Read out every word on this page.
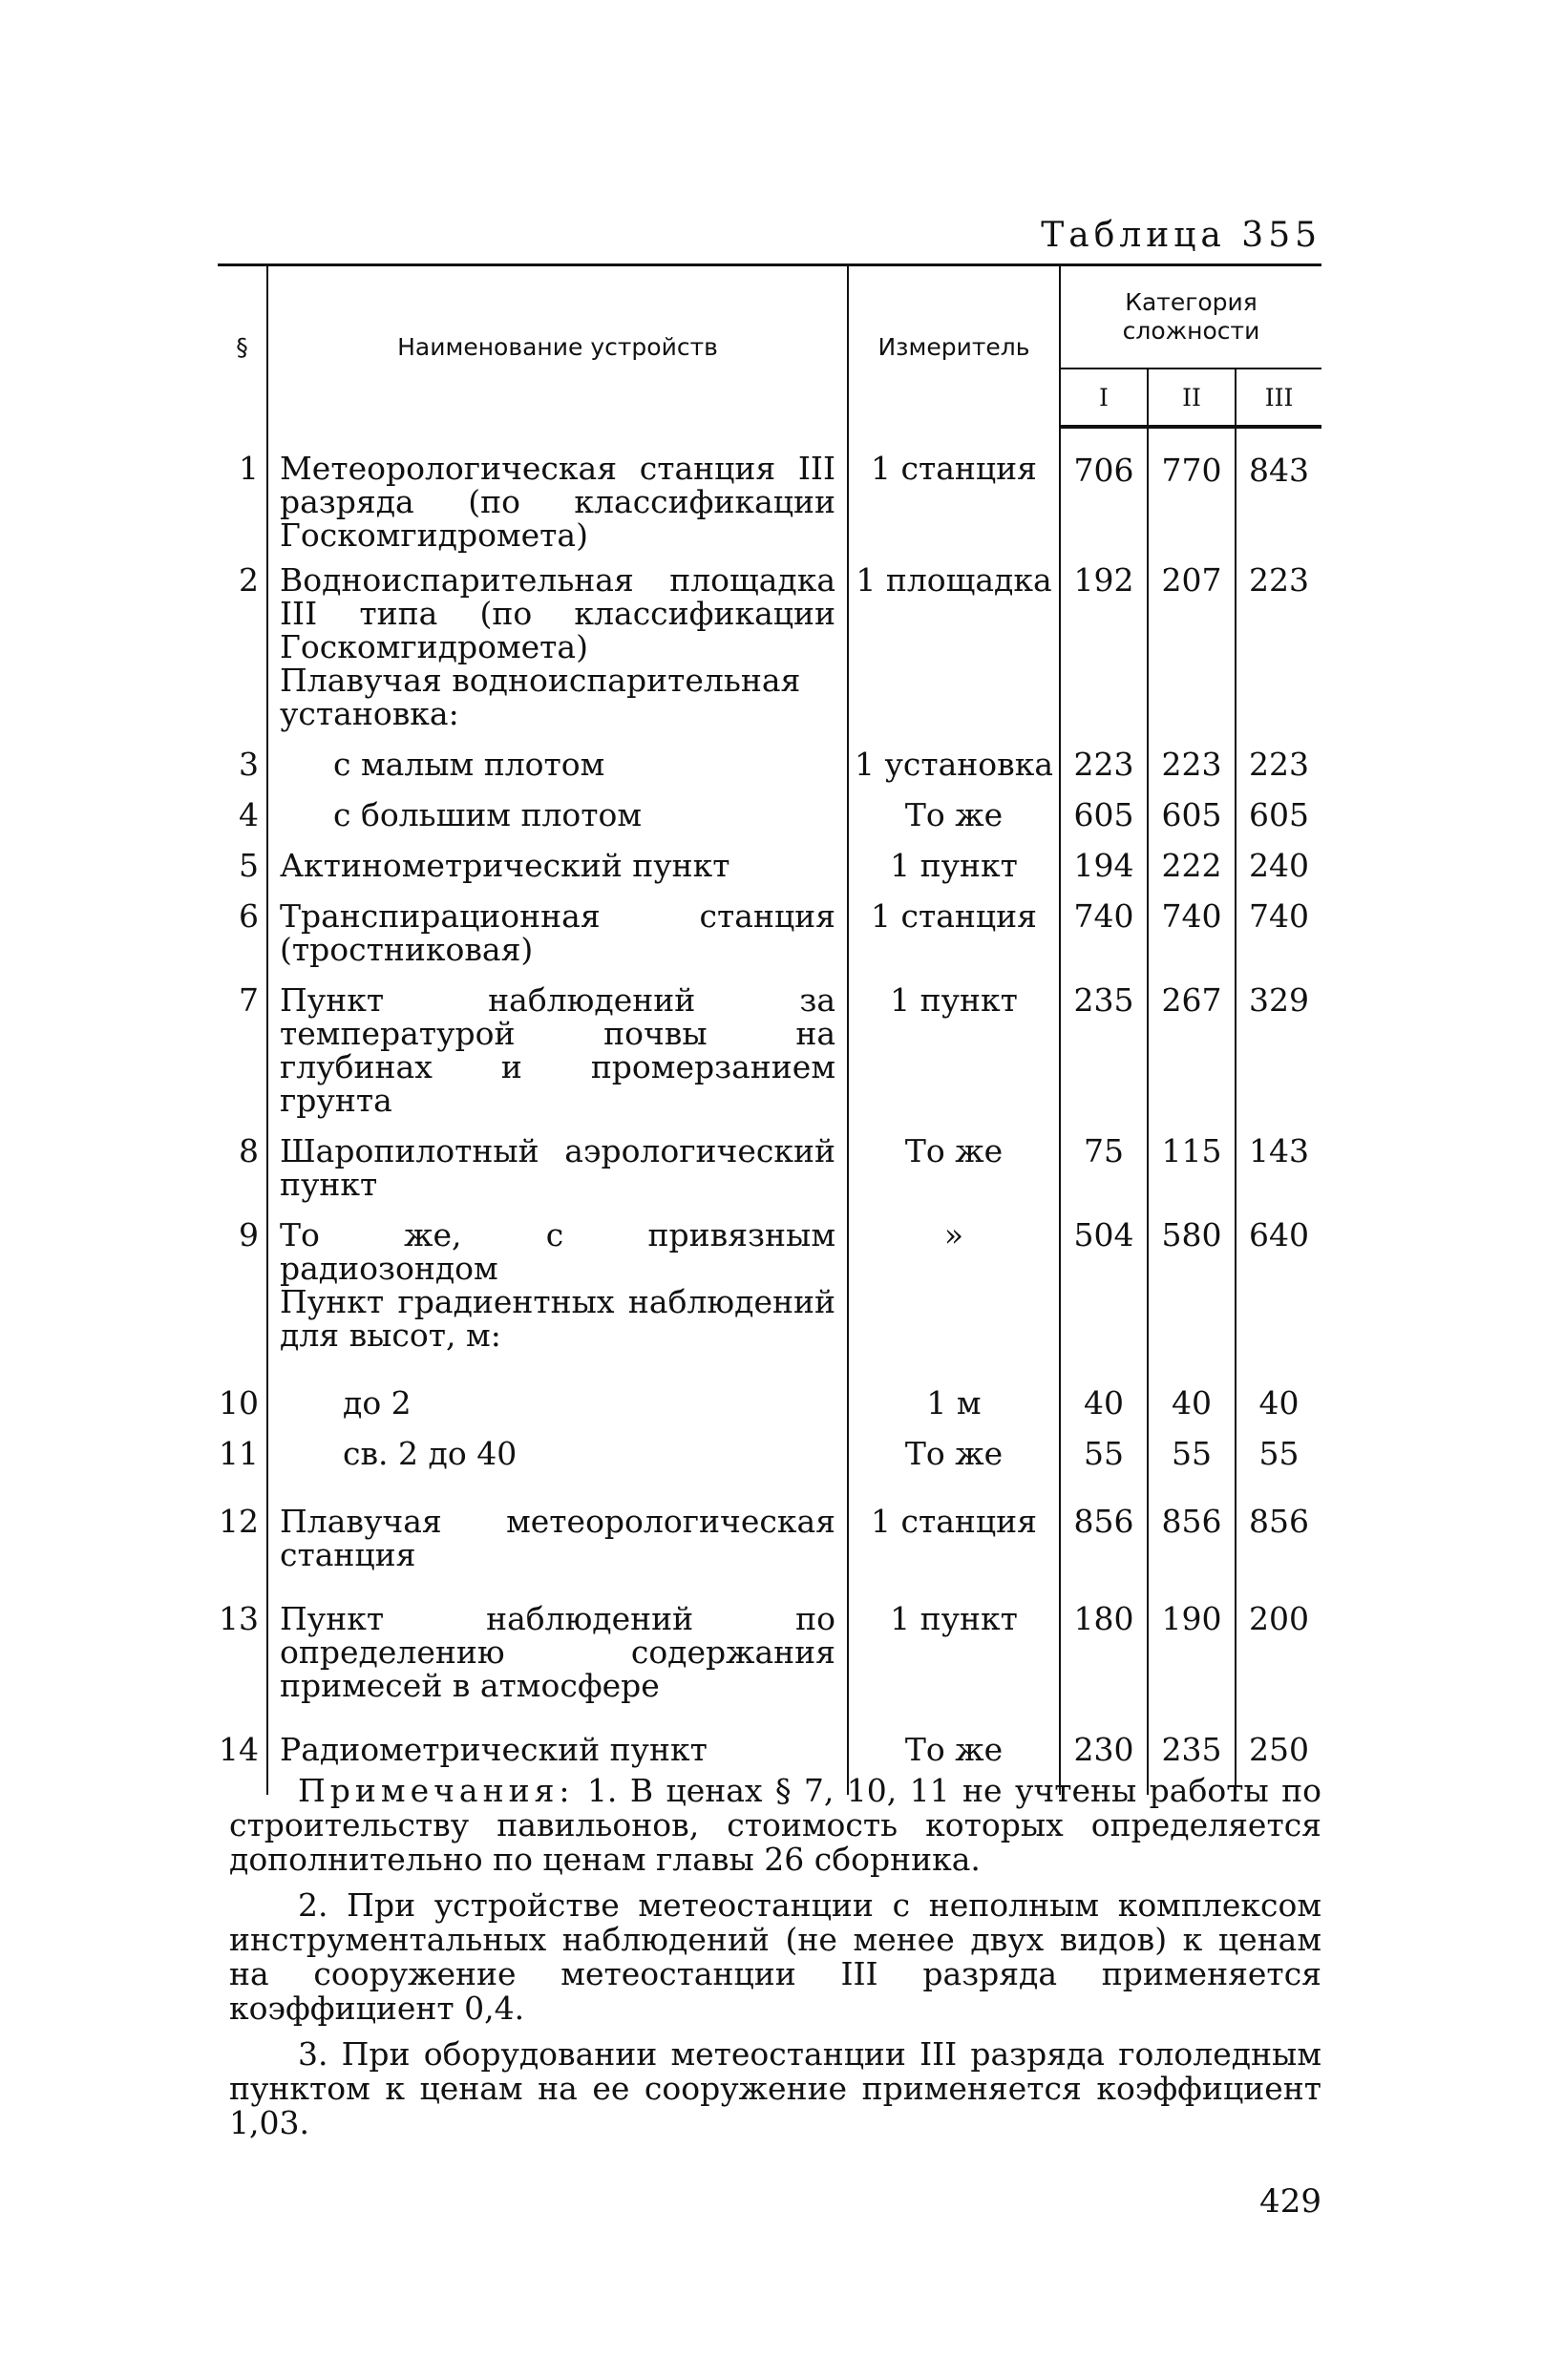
Таблица 355
§	Наименование устройств	Измеритель	Категория сложности		
			I	II	III
1	Метеорологическая станция III разряда (по классификации Госкомгидромета)	1 станция	706	770	843
2	Водноиспарительная площадка III типа (по классификации Госкомгидромета)	1 площадка	192	207	223
	Плавучая водноиспарительная установка:				
3	с малым плотом	1 установка	223	223	223
4	с большим плотом	То же	605	605	605
5	Актинометрический пункт	1 пункт	194	222	240
6	Транспирационная станция (тростниковая)	1 станция	740	740	740
7	Пункт наблюдений за температурой почвы на глубинах и промерзанием грунта	1 пункт	235	267	329
8	Шаропилотный аэрологический пункт	То же	75	115	143
9	То же, с привязным радиозондом	»	504	580	640
	Пункт градиентных наблюдений для высот, м:				
10	до 2	1 м	40	40	40
11	св. 2 до 40	То же	55	55	55
12	Плавучая метеорологическая станция	1 станция	856	856	856
13	Пункт наблюдений по определению содержания примесей в атмосфере	1 пункт	180	190	200
14	Радиометрический пункт	То же	230	235	250

Примечания: 1. В ценах § 7, 10, 11 не учтены работы по строительству павильонов, стоимость которых определяется дополнительно по ценам главы 26 сборника.

2. При устройстве метеостанции с неполным комплексом инструментальных наблюдений (не менее двух видов) к ценам на сооружение метеостанции III разряда применяется коэффициент 0,4.

3. При оборудовании метеостанции III разряда гололедным пунктом к ценам на ее сооружение применяется коэффициент 1,03.

429
